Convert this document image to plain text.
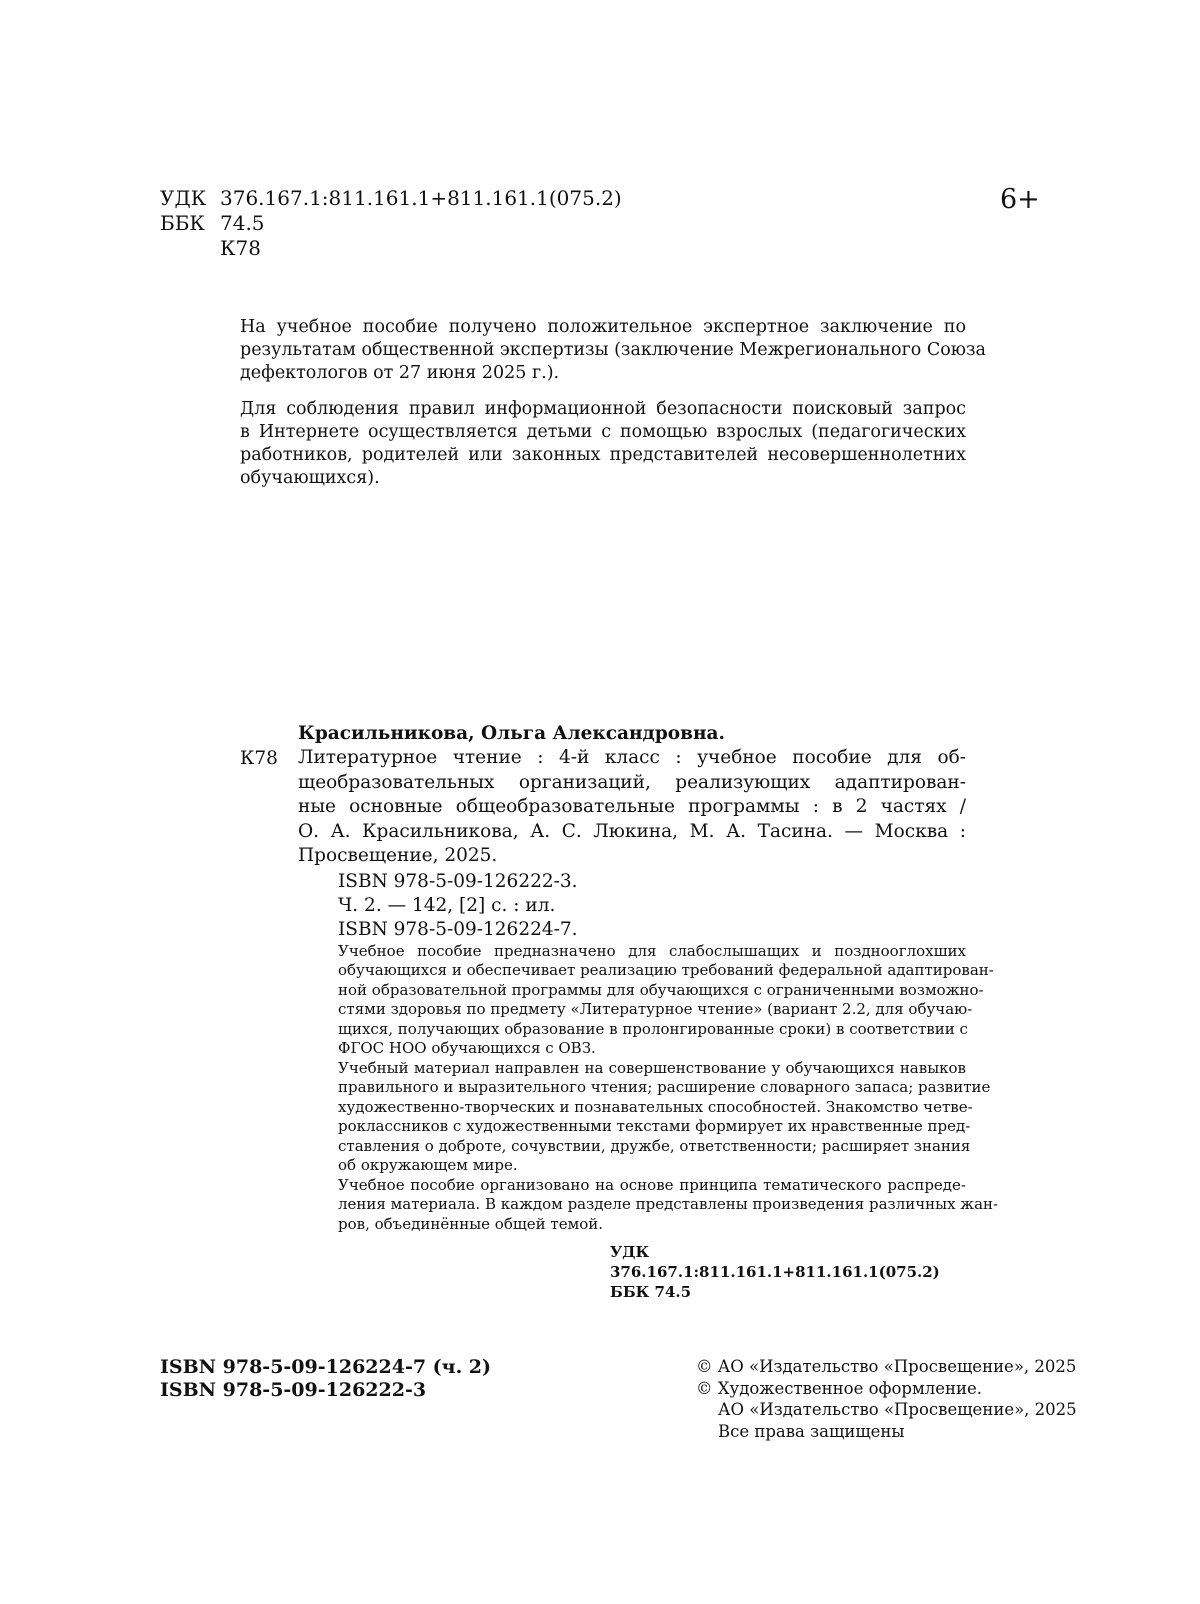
УДК 376.167.1:811.161.1+811.161.1(075.2)
ББК 74.5
К78
6+
На учебное пособие получено положительное экспертное заключение по
результатам общественной экспертизы (заключение Межрегионального Союза
дефектологов от 27 июня 2025 г.).
Для соблюдения правил информационной безопасности поисковый запрос
в Интернете осуществляется детьми с помощью взрослых (педагогических
работников, родителей или законных представителей несовершеннолетних
обучающихся).
Красильникова, Ольга Александровна.
К78 Литературное чтение : 4-й класс : учебное пособие для об-
щеобразовательных организаций, реализующих адаптирован-
ные основные общеобразовательные программы : в 2 частях /
О. А. Красильникова, А. С. Люкина, М. А. Тасина. — Москва :
Просвещение, 2025.
ISBN 978-5-09-126222-3.
Ч. 2. — 142, [2] с. : ил.
ISBN 978-5-09-126224-7.
Учебное пособие предназначено для слабослышащих и позднооглохших
обучающихся и обеспечивает реализацию требований федеральной адаптирован-
ной образовательной программы для обучающихся с ограниченными возможно-
стями здоровья по предмету «Литературное чтение» (вариант 2.2, для обучаю-
щихся, получающих образование в пролонгированные сроки) в соответствии с
ФГОС НОО обучающихся с ОВЗ.
Учебный материал направлен на совершенствование у обучающихся навыков
правильного и выразительного чтения; расширение словарного запаса; развитие
художественно-творческих и познавательных способностей. Знакомство четве-
роклассников с художественными текстами формирует их нравственные пред-
ставления о доброте, сочувствии, дружбе, ответственности; расширяет знания
об окружающем мире.
Учебное пособие организовано на основе принципа тематического распреде-
ления материала. В каждом разделе представлены произведения различных жан-
ров, объединённые общей темой.
УДК 376.167.1:811.161.1+811.161.1(075.2)
ББК 74.5
ISBN 978-5-09-126224-7 (ч. 2)
ISBN 978-5-09-126222-3
© АО «Издательство «Просвещение», 2025
© Художественное оформление.
АО «Издательство «Просвещение», 2025
Все права защищены
